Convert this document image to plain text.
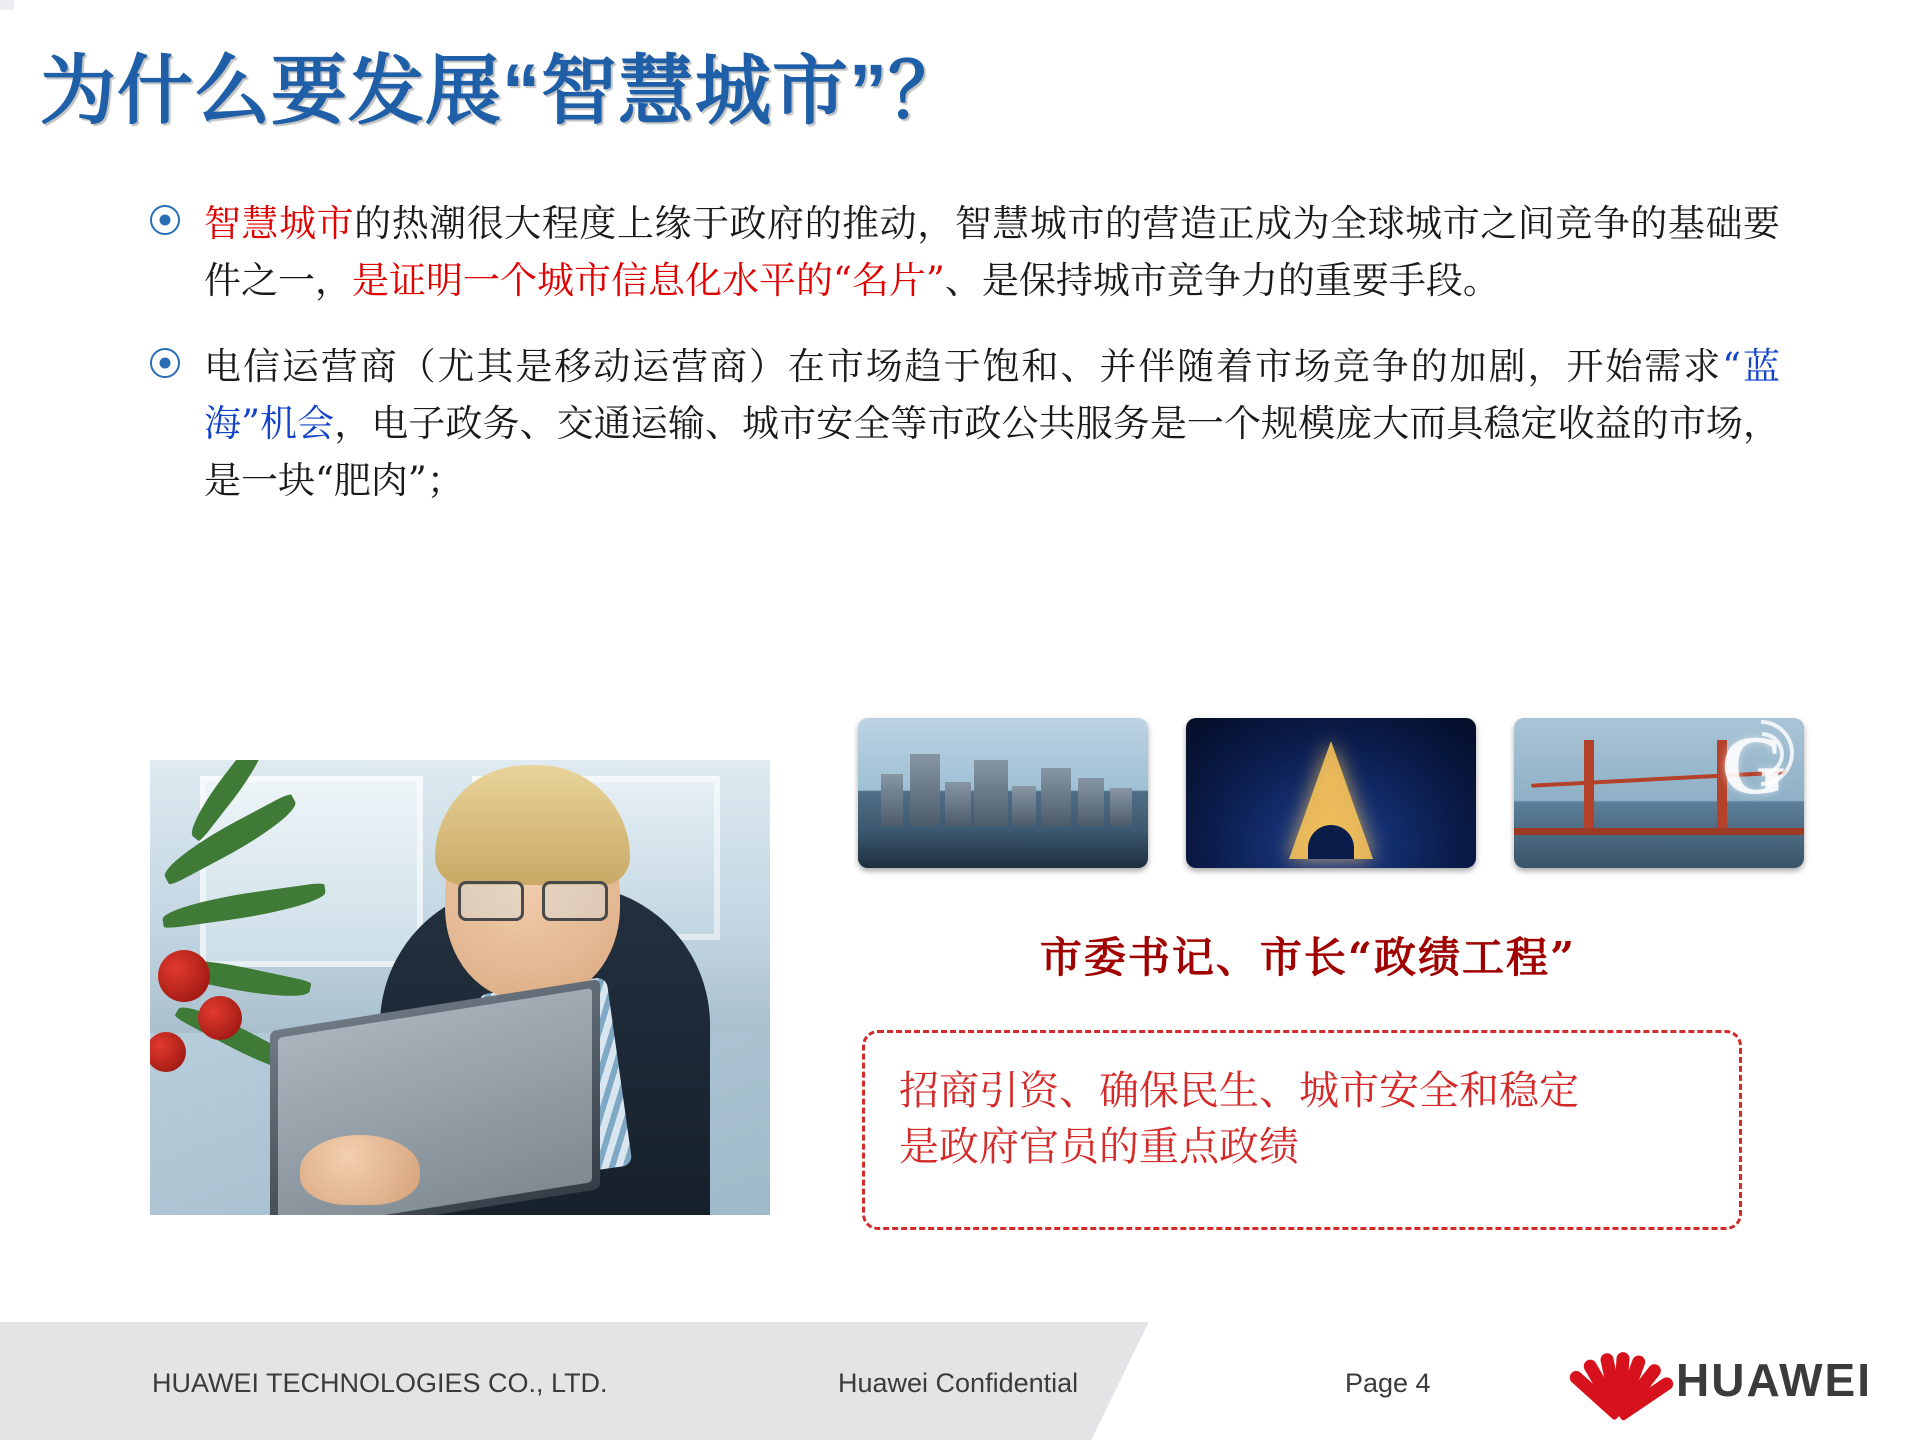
为什么要发展“智慧城市”？
智慧城市的热潮很大程度上缘于政府的推动，智慧城市的营造正成为全球城市之间竞争的基础要件之一，是证明一个城市信息化水平的“名片”、是保持城市竞争力的重要手段。
电信运营商（尤其是移动运营商）在市场趋于饱和、并伴随着市场竞争的加剧，开始需求“蓝海”机会，电子政务、交通运输、城市安全等市政公共服务是一个规模庞大而具稳定收益的市场，是一块“肥肉”；
G
市委书记、市长“政绩工程”
招商引资、确保民生、城市安全和稳定
是政府官员的重点政绩
HUAWEI TECHNOLOGIES CO., LTD.	Huawei Confidential	Page 4	HUAWEI
